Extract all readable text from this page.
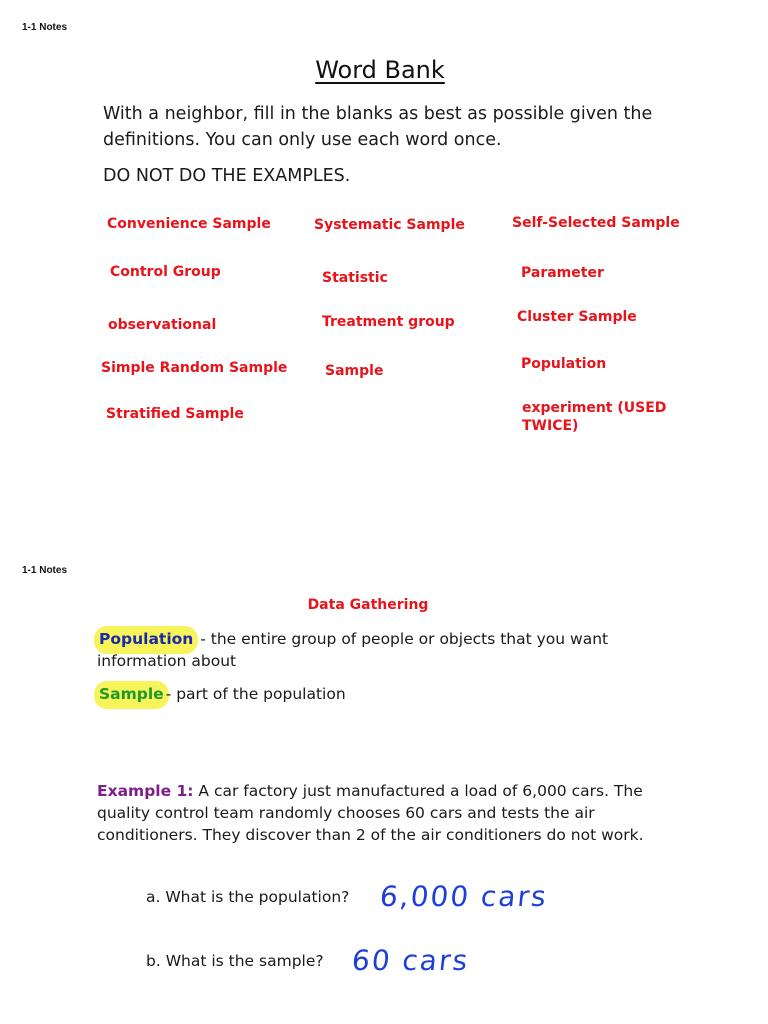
1-1 Notes
Word Bank
With a neighbor, fill in the blanks as best as possible given the
definitions. You can only use each word once.
DO NOT DO THE EXAMPLES.
Convenience Sample
Control Group
observational
Simple Random Sample
Stratified Sample
Systematic Sample
Statistic
Treatment group
Sample
Self-Selected Sample
Parameter
Cluster Sample
Population
experiment (USED
TWICE)
1-1 Notes
Data Gathering
Population - the entire group of people or objects that you want
information about
Sample - part of the population
Example 1: A car factory just manufactured a load of 6,000 cars. The
quality control team randomly chooses 60 cars and tests the air
conditioners. They discover than 2 of the air conditioners do not work.
a. What is the population? 6,000 cars
b. What is the sample? 60 cars
